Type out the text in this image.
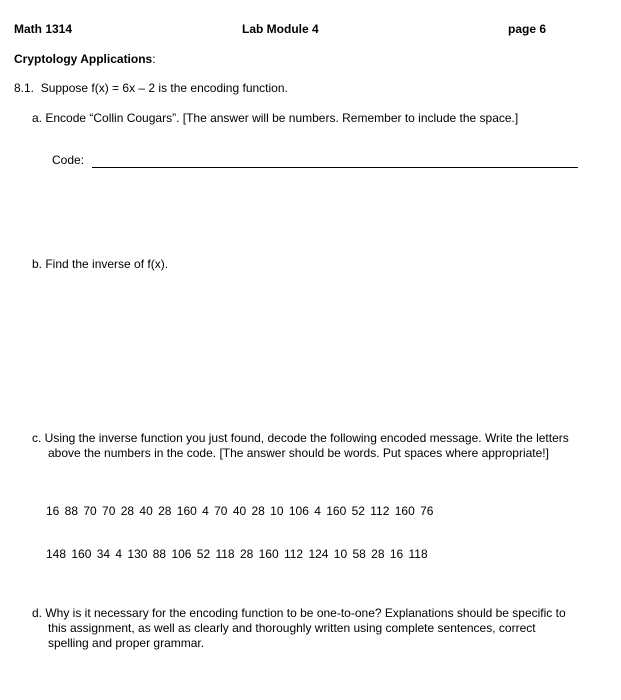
Math 1314	Lab Module 4	page 6
Cryptology Applications:
8.1. Suppose f(x) = 6x – 2 is the encoding function.
a. Encode “Collin Cougars”. [The answer will be numbers. Remember to include the space.]
Code:
b. Find the inverse of f(x).
c. Using the inverse function you just found, decode the following encoded message. Write the letters above the numbers in the code. [The answer should be words. Put spaces where appropriate!]
16 88 70 70 28 40 28 160 4 70 40 28 10 106 4 160 52 112 160 76
148 160 34 4 130 88 106 52 118 28 160 112 124 10 58 28 16 118
d. Why is it necessary for the encoding function to be one-to-one? Explanations should be specific to this assignment, as well as clearly and thoroughly written using complete sentences, correct spelling and proper grammar.
